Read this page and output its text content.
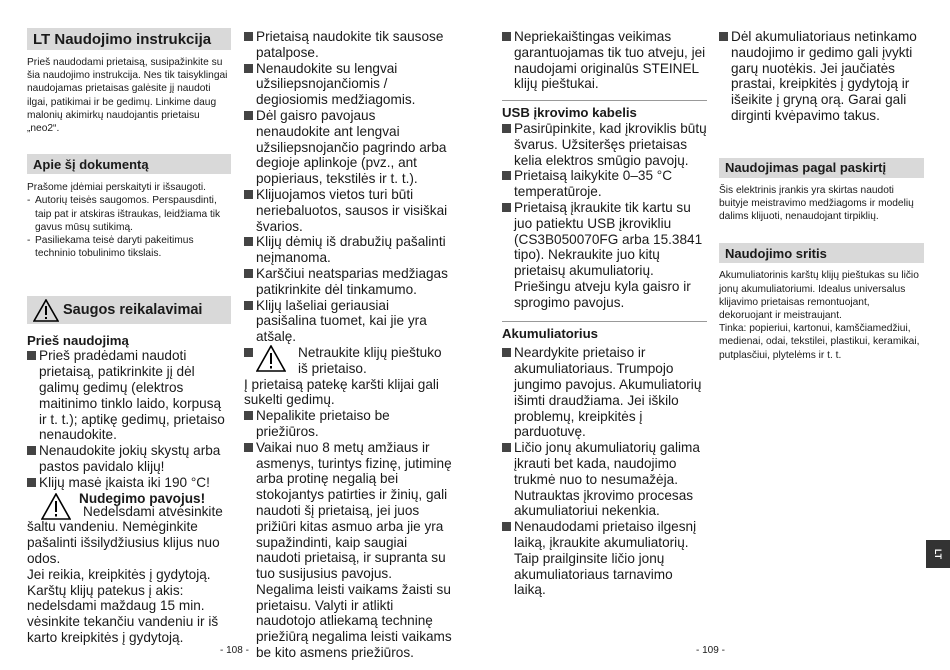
LT Naudojimo instrukcija
Prieš naudodami prietaisą, susipažinkite su šia naudojimo instrukcija. Nes tik taisyklingai naudojamas prietaisas galėsite jį naudoti ilgai, patikimai ir be gedimų. Linkime daug malonių akimirkų naudojantis prietaisu „neo2“.
Apie šį dokumentą
Prašome įdėmiai perskaityti ir išsaugoti.
- Autorių teisės saugomos. Perspausdinti, taip pat ir atskiras ištraukas, leidžiama tik gavus mūsų sutikimą.
- Pasiliekama teisė daryti pakeitimus techninio tobulinimo tikslais.
Saugos reikalavimai
Prieš naudojimą
Prieš pradėdami naudoti prietaisą, patikrinkite jį dėl galimų gedimų (elektros maitinimo tinklo laido, korpusą ir t. t.); aptikę gedimų, prietaiso nenaudokite.
Nenaudokite jokių skystų arba pastos pavidalo klijų!
Klijų masė įkaista iki 190 °C!
Nudegimo pavojus!
Nedelsdami atvėsinkite šaltu vandeniu. Nemėginkite pašalinti išsilydžiusius klijus nuo odos.
Jei reikia, kreipkitės į gydytoją. Karštų klijų patekus į akis: nedelsdami maždaug 15 min. vėsinkite tekančiu vandeniu ir iš karto kreipkitės į gydytoją.
Prietaisą naudokite tik sausose patalpose.
Nenaudokite su lengvai užsiliepsnojančiomis / degiosiomis medžiagomis.
Dėl gaisro pavojaus nenaudokite ant lengvai užsiliepsnojančio pagrindo arba degioje aplinkoje (pvz., ant popieriaus, tekstilės ir t. t.).
Klijuojamos vietos turi būti neriebaluotos, sausos ir visiškai švarios.
Klijų dėmių iš drabužių pašalinti neįmanoma.
Karščiui neatsparias medžiagas patikrinkite dėl tinkamumo.
Klijų lašeliai geriausiai pasišalina tuomet, kai jie yra atšalę.
Netraukite klijų pieštuko iš prietaiso.
Į prietaisą patekę karšti klijai gali sukelti gedimų.
Nepalikite prietaiso be priežiūros.
Vaikai nuo 8 metų amžiaus ir asmenys, turintys fizinę, jutiminę arba protinę negalią bei stokojantys patirties ir žinių, gali naudoti šį prietaisą, jei juos prižiūri kitas asmuo arba jie yra supažindinti, kaip saugiai naudoti prietaisą, ir supranta su tuo susijusius pavojus. Negalima leisti vaikams žaisti su prietaisu. Valyti ir atlikti naudotojo atliekamą techninę priežiūrą negalima leisti vaikams be kito asmens priežiūros.
- 108 -
Nepriekaištingas veikimas garantuojamas tik tuo atveju, jei naudojami originalūs STEINEL klijų pieštukai.
USB įkrovimo kabelis
Pasirūpinkite, kad įkroviklis būtų švarus. Užsiteršęs prietaisas kelia elektros smūgio pavojų.
Prietaisą laikykite 0–35 °C temperatūroje.
Prietaisą įkraukite tik kartu su juo patiektu USB įkrovikliu (CS3B050070FG arba 15.3841 tipo). Nekraukite juo kitų prietaisų akumuliatorių. Priešingu atveju kyla gaisro ir sprogimo pavojus.
Akumuliatorius
Neardykite prietaiso ir akumuliatoriaus. Trumpojo jungimo pavojus. Akumuliatorių išimti draudžiama. Jei iškilo problemų, kreipkitės į parduotuvę.
Ličio jonų akumuliatorių galima įkrauti bet kada, naudojimo trukmė nuo to nesumažėja. Nutrauktas įkrovimo procesas akumuliatoriui nekenkia.
Nenaudodami prietaiso ilgesnį laiką, įkraukite akumuliatorių. Taip prailginsite ličio jonų akumuliatoriaus tarnavimo laiką.
- 109 -
Dėl akumuliatoriaus netinkamo naudojimo ir gedimo gali įvykti garų nuotėkis. Jei jaučiatės prastai, kreipkitės į gydytoją ir išeikite į gryną orą. Garai gali dirginti kvėpavimo takus.
Naudojimas pagal paskirtį
Šis elektrinis įrankis yra skirtas naudoti buityje meistravimo medžiagoms ir modelių dalims klijuoti, nenaudojant tirpiklių.
Naudojimo sritis
Akumuliatorinis karštų klijų pieštukas su ličio jonų akumuliatoriumi. Idealus universalus klijavimo prietaisas remontuojant, dekoruojant ir meistraujant.
Tinka: popieriui, kartonui, kamščiamedžiui, medienai, odai, tekstilei, plastikui, keramikai, putplasčiui, plytelėms ir t. t.
LT
